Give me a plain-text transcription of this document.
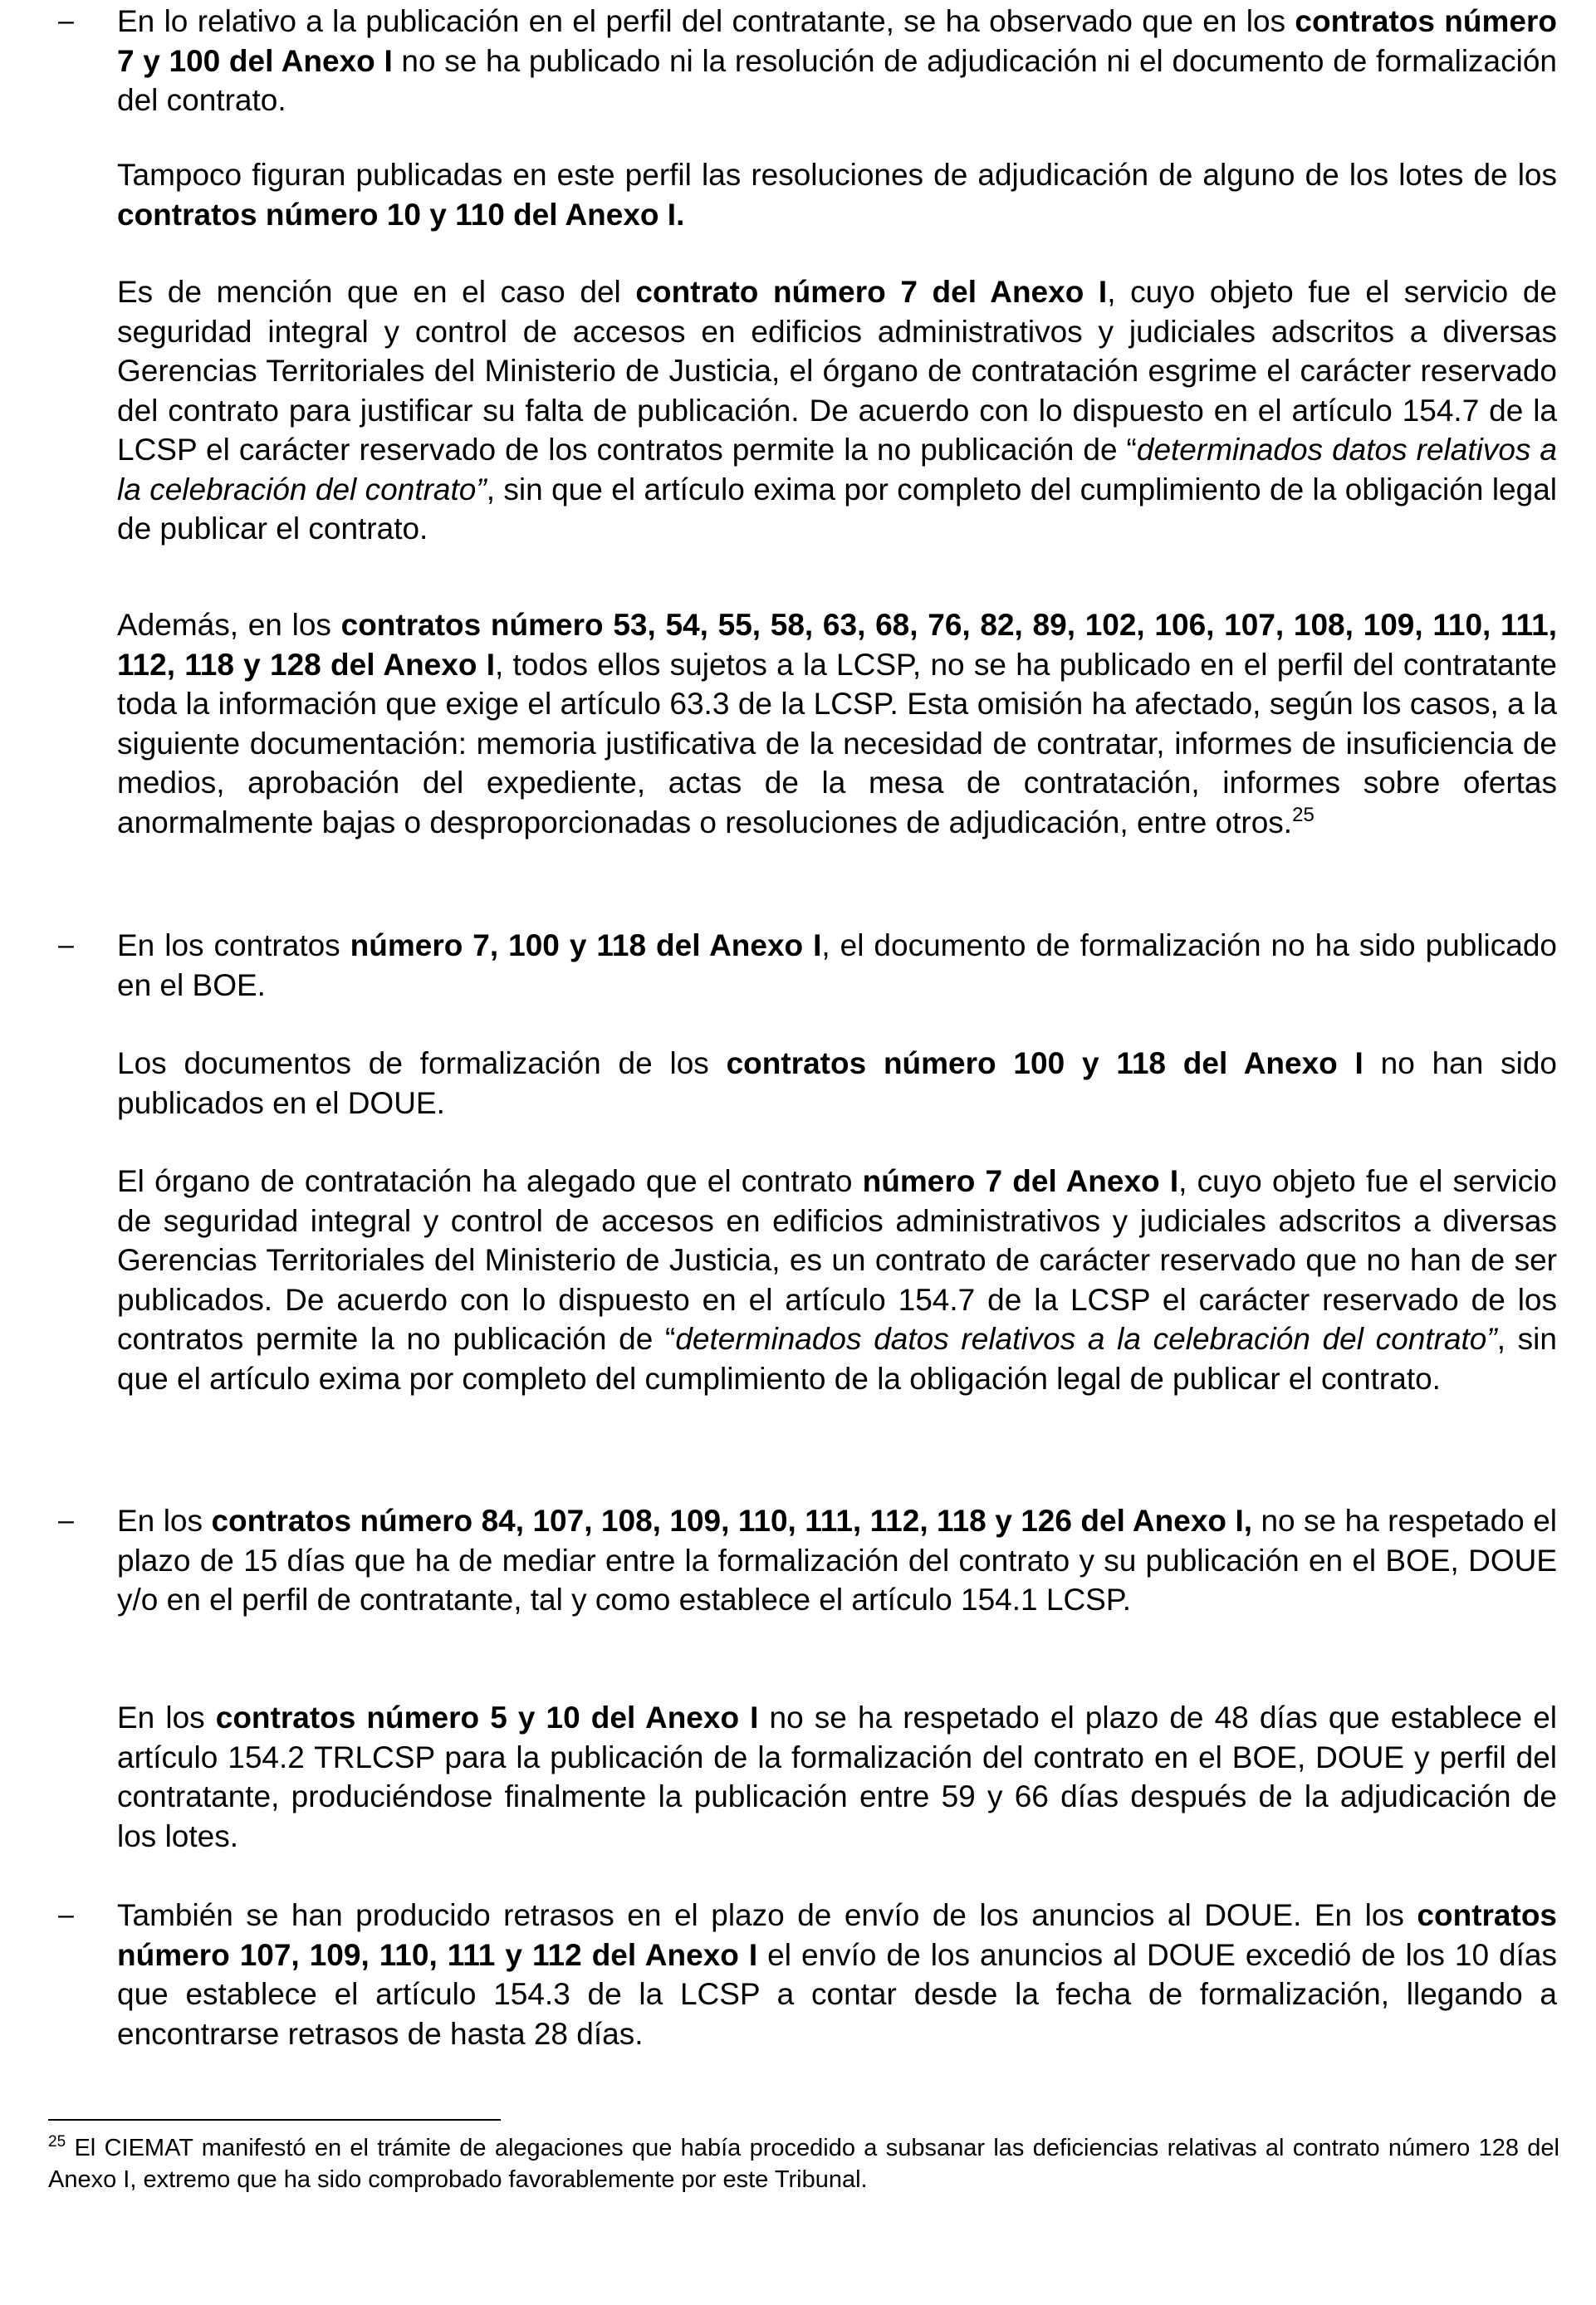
– En lo relativo a la publicación en el perfil del contratante, se ha observado que en los contratos número 7 y 100 del Anexo I no se ha publicado ni la resolución de adjudicación ni el documento de formalización del contrato.

Tampoco figuran publicadas en este perfil las resoluciones de adjudicación de alguno de los lotes de los contratos número 10 y 110 del Anexo I.

Es de mención que en el caso del contrato número 7 del Anexo I, cuyo objeto fue el servicio de seguridad integral y control de accesos en edificios administrativos y judiciales adscritos a diversas Gerencias Territoriales del Ministerio de Justicia, el órgano de contratación esgrime el carácter reservado del contrato para justificar su falta de publicación. De acuerdo con lo dispuesto en el artículo 154.7 de la LCSP el carácter reservado de los contratos permite la no publicación de “determinados datos relativos a la celebración del contrato”, sin que el artículo exima por completo del cumplimiento de la obligación legal de publicar el contrato.

Además, en los contratos número 53, 54, 55, 58, 63, 68, 76, 82, 89, 102, 106, 107, 108, 109, 110, 111, 112, 118 y 128 del Anexo I, todos ellos sujetos a la LCSP, no se ha publicado en el perfil del contratante toda la información que exige el artículo 63.3 de la LCSP. Esta omisión ha afectado, según los casos, a la siguiente documentación: memoria justificativa de la necesidad de contratar, informes de insuficiencia de medios, aprobación del expediente, actas de la mesa de contratación, informes sobre ofertas anormalmente bajas o desproporcionadas o resoluciones de adjudicación, entre otros.$^{25}$

– En los contratos número 7, 100 y 118 del Anexo I, el documento de formalización no ha sido publicado en el BOE.

Los documentos de formalización de los contratos número 100 y 118 del Anexo I no han sido publicados en el DOUE.

El órgano de contratación ha alegado que el contrato número 7 del Anexo I, cuyo objeto fue el servicio de seguridad integral y control de accesos en edificios administrativos y judiciales adscritos a diversas Gerencias Territoriales del Ministerio de Justicia, es un contrato de carácter reservado que no han de ser publicados. De acuerdo con lo dispuesto en el artículo 154.7 de la LCSP el carácter reservado de los contratos permite la no publicación de “determinados datos relativos a la celebración del contrato”, sin que el artículo exima por completo del cumplimiento de la obligación legal de publicar el contrato.

– En los contratos número 84, 107, 108, 109, 110, 111, 112, 118 y 126 del Anexo I, no se ha respetado el plazo de 15 días que ha de mediar entre la formalización del contrato y su publicación en el BOE, DOUE y/o en el perfil de contratante, tal y como establece el artículo 154.1 LCSP.

En los contratos número 5 y 10 del Anexo I no se ha respetado el plazo de 48 días que establece el artículo 154.2 TRLCSP para la publicación de la formalización del contrato en el BOE, DOUE y perfil del contratante, produciéndose finalmente la publicación entre 59 y 66 días después de la adjudicación de los lotes.

– También se han producido retrasos en el plazo de envío de los anuncios al DOUE. En los contratos número 107, 109, 110, 111 y 112 del Anexo I el envío de los anuncios al DOUE excedió de los 10 días que establece el artículo 154.3 de la LCSP a contar desde la fecha de formalización, llegando a encontrarse retrasos de hasta 28 días.

$^{25}$ El CIEMAT manifestó en el trámite de alegaciones que había procedido a subsanar las deficiencias relativas al contrato número 128 del Anexo I, extremo que ha sido comprobado favorablemente por este Tribunal.
